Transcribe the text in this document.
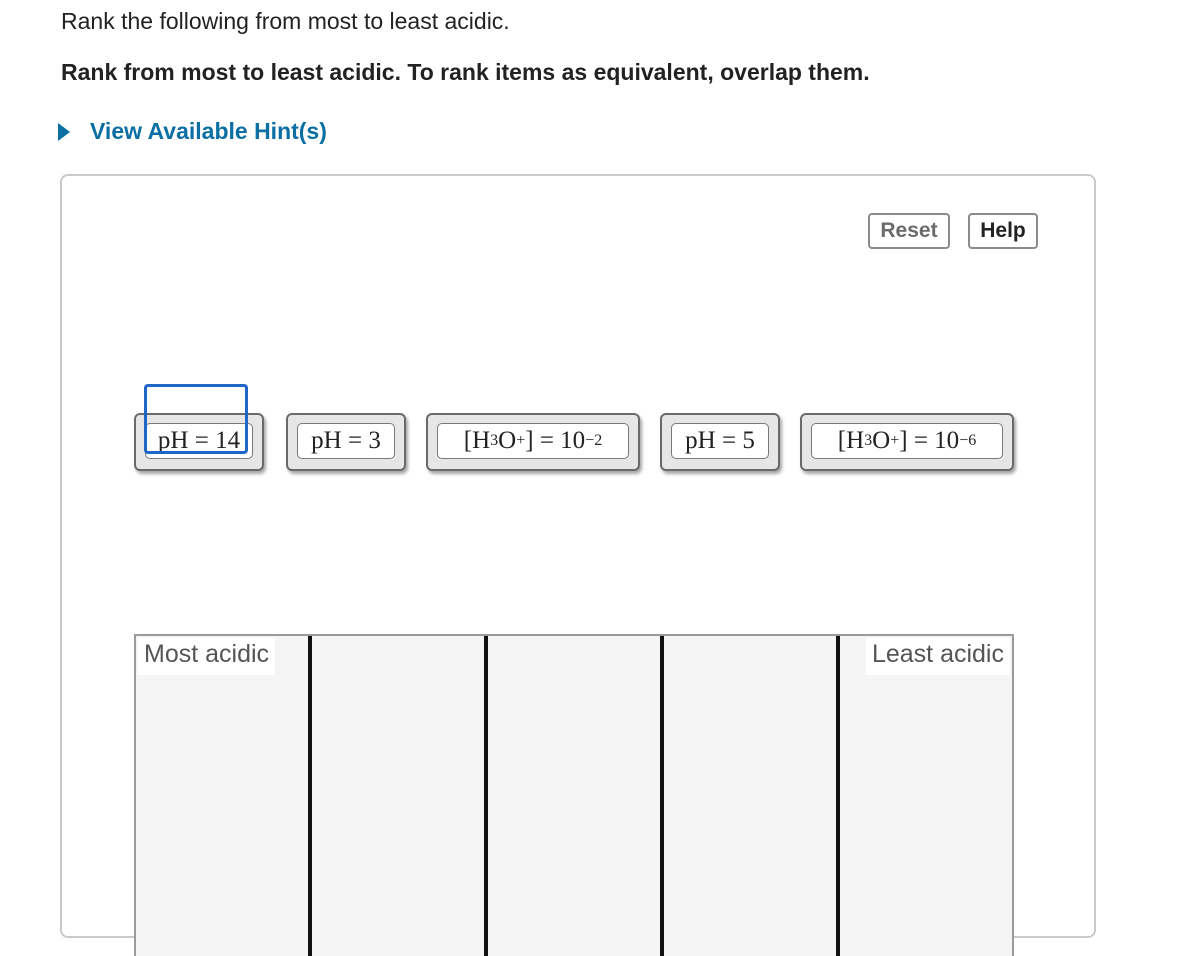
Rank the following from most to least acidic.
Rank from most to least acidic. To rank items as equivalent, overlap them.
View Available Hint(s)
Reset	Help
pH = 14	pH = 3	[H 3 O + ] = 10 −2	pH = 5	[H 3 O + ] = 10 −6
Most acidic	Least acidic
